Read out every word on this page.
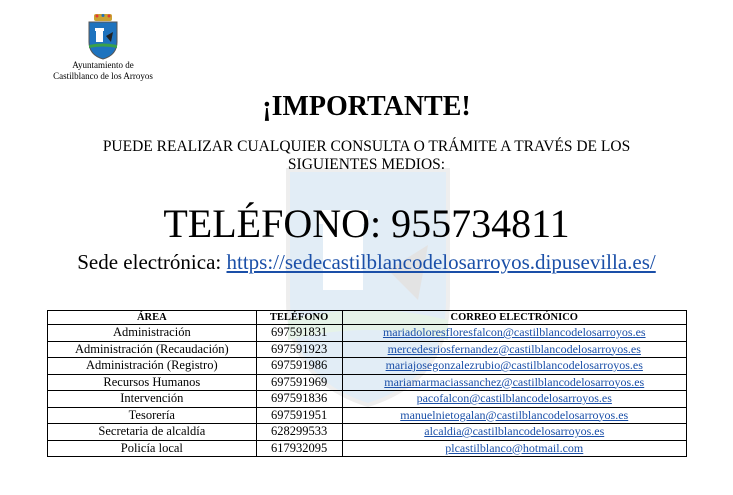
Ayuntamiento de
Castilblanco de los Arroyos
¡IMPORTANTE!
PUEDE REALIZAR CUALQUIER CONSULTA O TRÁMITE A TRAVÉS DE LOS
SIGUIENTES MEDIOS:
TELÉFONO: 955734811
Sede electrónica: https://sedecastilblancodelosarroyos.dipusevilla.es/
ÁREA	TELÉFONO	CORREO ELECTRÓNICO
Administración	697591831	mariadoloresfloresfalcon@castilblancodelosarroyos.es
Administración (Recaudación)	697591923	mercedesriosfernandez@castilblancodelosarroyos.es
Administración (Registro)	697591986	mariajosegonzalezrubio@castilblancodelosarroyos.es
Recursos Humanos	697591969	mariamarmaciassanchez@castilblancodelosarroyos.es
Intervención	697591836	pacofalcon@castilblancodelosarroyos.es
Tesorería	697591951	manuelnietogalan@castilblancodelosarroyos.es
Secretaria de alcaldía	628299533	alcaldia@castilblancodelosarroyos.es
Policía local	617932095	plcastilblanco@hotmail.com
